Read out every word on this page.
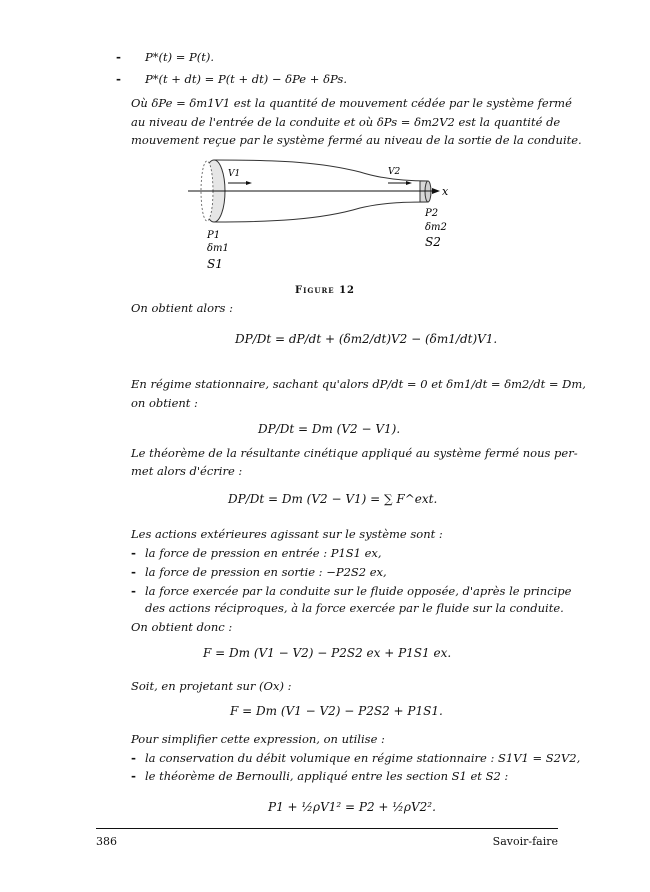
- P*(t) = P(t).
- P*(t + dt) = P(t + dt) − δPe + δPs.
Où δPe = δm1V1 est la quantité de mouvement cédée par le système fermé
au niveau de l'entrée de la conduite et où δPs = δm2V2 est la quantité de
mouvement reçue par le système fermé au niveau de la sortie de la conduite.
x
V1	V2
P1
δm1
S1
P2
δm2
S2
Figure 12
On obtient alors :
DP/Dt = dP/dt + (δm2/dt)V2 − (δm1/dt)V1.
En régime stationnaire, sachant qu'alors dP/dt = 0 et δm1/dt = δm2/dt = Dm,
on obtient :
DP/Dt = Dm (V2 − V1).
Le théorème de la résultante cinétique appliqué au système fermé nous per-
met alors d'écrire :
DP/Dt = Dm (V2 − V1) = ∑ F^ext.
Les actions extérieures agissant sur le système sont :
- la force de pression en entrée : P1S1 ex,
- la force de pression en sortie : −P2S2 ex,
- la force exercée par la conduite sur le fluide opposée, d'après le principe
des actions réciproques, à la force exercée par le fluide sur la conduite.
On obtient donc :
F = Dm (V1 − V2) − P2S2 ex + P1S1 ex.
Soit, en projetant sur (Ox) :
F = Dm (V1 − V2) − P2S2 + P1S1.
Pour simplifier cette expression, on utilise :
- la conservation du débit volumique en régime stationnaire : S1V1 = S2V2,
- le théorème de Bernoulli, appliqué entre les section S1 et S2 :
P1 + ½ρV1² = P2 + ½ρV2².
386	Savoir-faire
